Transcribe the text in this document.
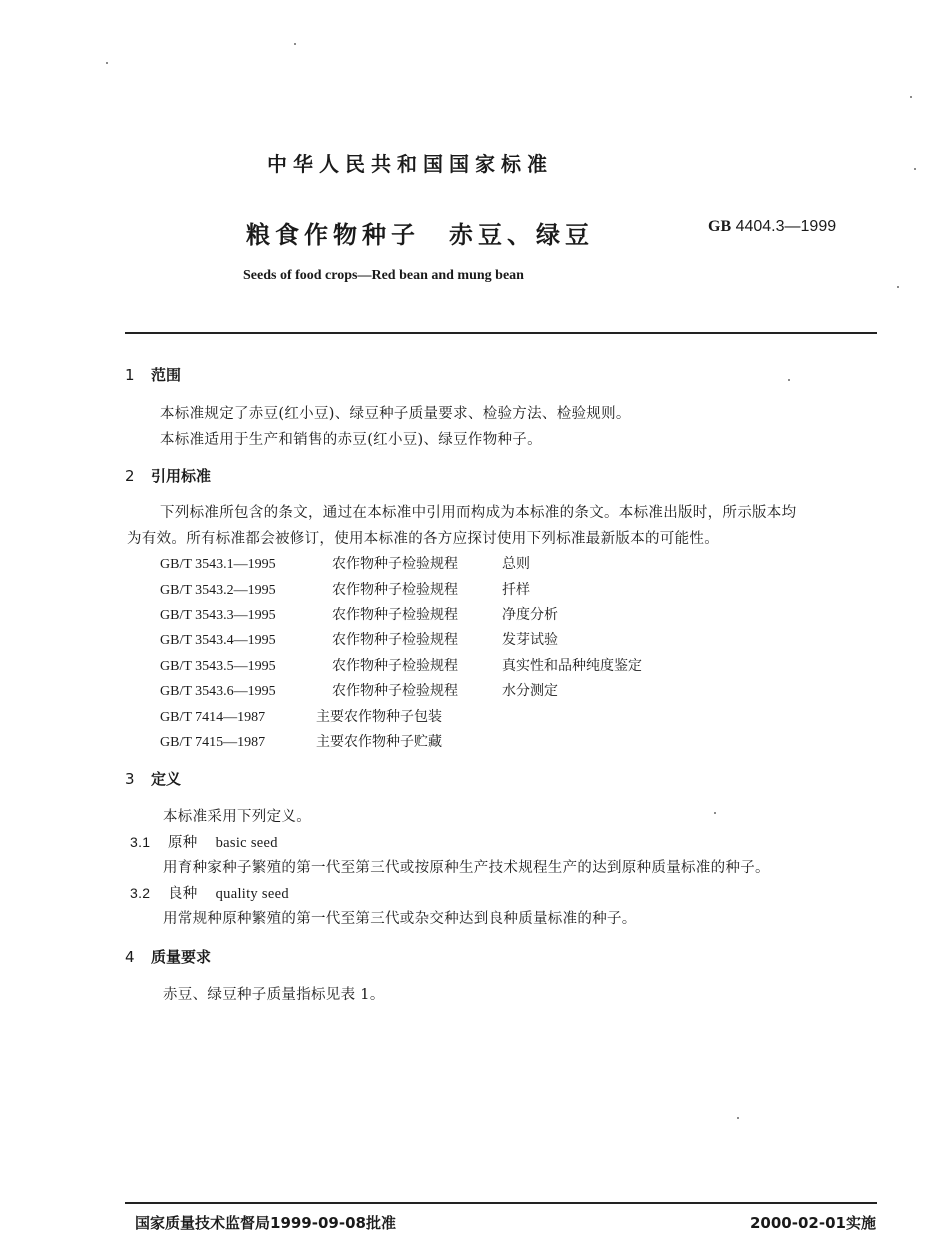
中华人民共和国国家标准
粮食作物种子　赤豆、绿豆	GB 4404.3—1999
Seeds of food crops—Red bean and mung bean
1 范围
本标准规定了赤豆(红小豆)、绿豆种子质量要求、检验方法、检验规则。
本标准适用于生产和销售的赤豆(红小豆)、绿豆作物种子。
2 引用标准
下列标准所包含的条文，通过在本标准中引用而构成为本标准的条文。本标准出版时，所示版本均
为有效。所有标准都会被修订，使用本标准的各方应探讨使用下列标准最新版本的可能性。
GB/T 3543.1—1995	农作物种子检验规程	总则
GB/T 3543.2—1995	农作物种子检验规程	扦样
GB/T 3543.3—1995	农作物种子检验规程	净度分析
GB/T 3543.4—1995	农作物种子检验规程	发芽试验
GB/T 3543.5—1995	农作物种子检验规程	真实性和品种纯度鉴定
GB/T 3543.6—1995	农作物种子检验规程	水分测定
GB/T 7414—1987	主要农作物种子包装
GB/T 7415—1987	主要农作物种子贮藏
3 定义
本标准采用下列定义。
3.1 原种 basic seed
用育种家种子繁殖的第一代至第三代或按原种生产技术规程生产的达到原种质量标准的种子。
3.2 良种 quality seed
用常规种原种繁殖的第一代至第三代或杂交种达到良种质量标准的种子。
4 质量要求
赤豆、绿豆种子质量指标见表 1。
国家质量技术监督局1999-09-08批准	2000-02-01实施
